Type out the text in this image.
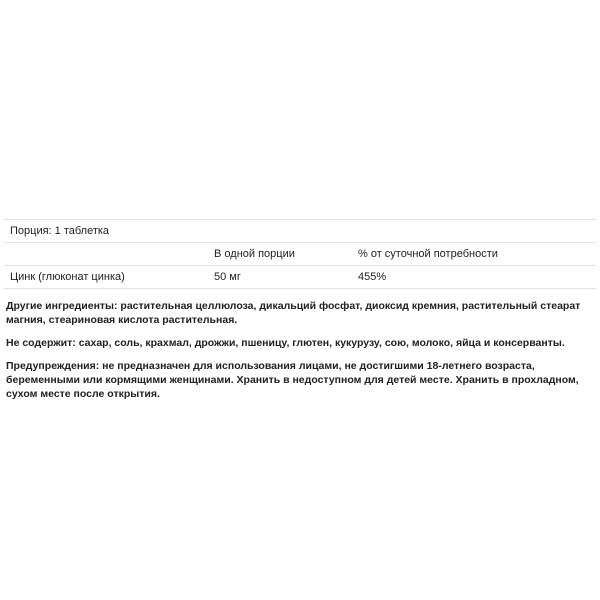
Порция: 1 таблетка		
	В одной порции	% от суточной потребности
Цинк (глюконат цинка)	50 мг	455%

Другие ингредиенты: растительная целлюлоза, дикальций фосфат, диоксид кремния, растительный стеарат магния, стеариновая кислота растительная.

Не содержит: сахар, соль, крахмал, дрожжи, пшеницу, глютен, кукурузу, сою, молоко, яйца и консерванты.

Предупреждения: не предназначен для использования лицами, не достигшими 18-летнего возраста, беременными или кормящими женщинами. Хранить в недоступном для детей месте. Хранить в прохладном, сухом месте после открытия.
